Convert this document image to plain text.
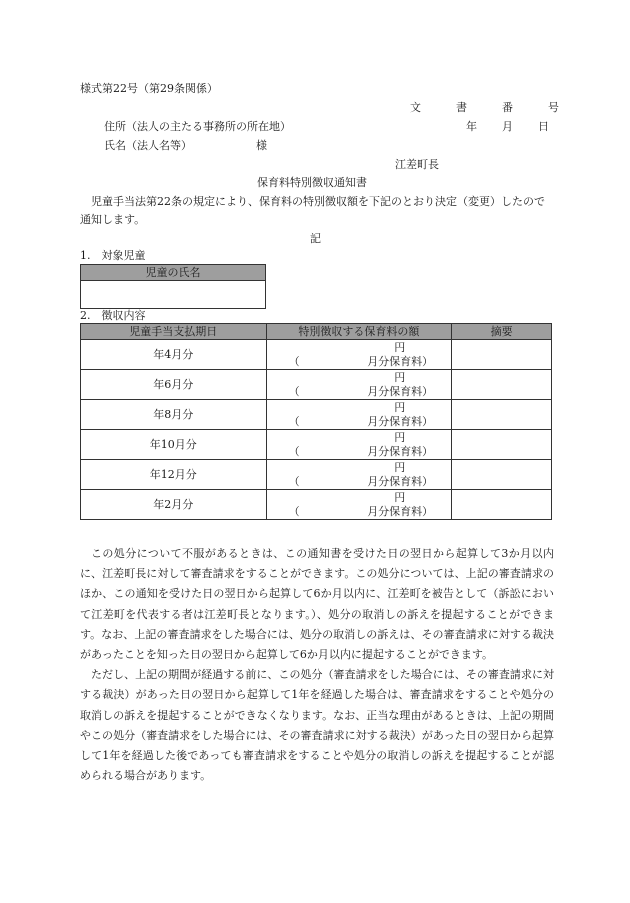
様式第22号（第29条関係）
文	書	番	号
住所（法人の主たる事務所の所在地）	年 月 日
氏名（法人名等）	様
江差町長
保育料特別徴収通知書
児童手当法第22条の規定により、保育料の特別徴収額を下記のとおり決定（変更）したので通知します。
記
1.　対象児童
児童の氏名

2.　徴収内容
児童手当支払期日	特別徴収する保育料の額	摘要
年4月分	円
（ 月分保育料）	

年6月分	円
（ 月分保育料）	

年8月分	円
（ 月分保育料）	

年10月分	円
（ 月分保育料）	

年12月分	円
（ 月分保育料）	

年2月分	円
（ 月分保育料）	

この処分について不服があるときは、この通知書を受けた日の翌日から起算して3か月以内に、江差町長に対して審査請求をすることができます。この処分については、上記の審査請求のほか、この通知を受けた日の翌日から起算して6か月以内に、江差町を被告として（訴訟において江差町を代表する者は江差町長となります。）、処分の取消しの訴えを提起することができます。なお、上記の審査請求をした場合には、処分の取消しの訴えは、その審査請求に対する裁決があったことを知った日の翌日から起算して6か月以内に提起することができます。

ただし、上記の期間が経過する前に、この処分（審査請求をした場合には、その審査請求に対する裁決）があった日の翌日から起算して1年を経過した場合は、審査請求をすることや処分の取消しの訴えを提起することができなくなります。なお、正当な理由があるときは、上記の期間やこの処分（審査請求をした場合には、その審査請求に対する裁決）があった日の翌日から起算して1年を経過した後であっても審査請求をすることや処分の取消しの訴えを提起することが認められる場合があります。
